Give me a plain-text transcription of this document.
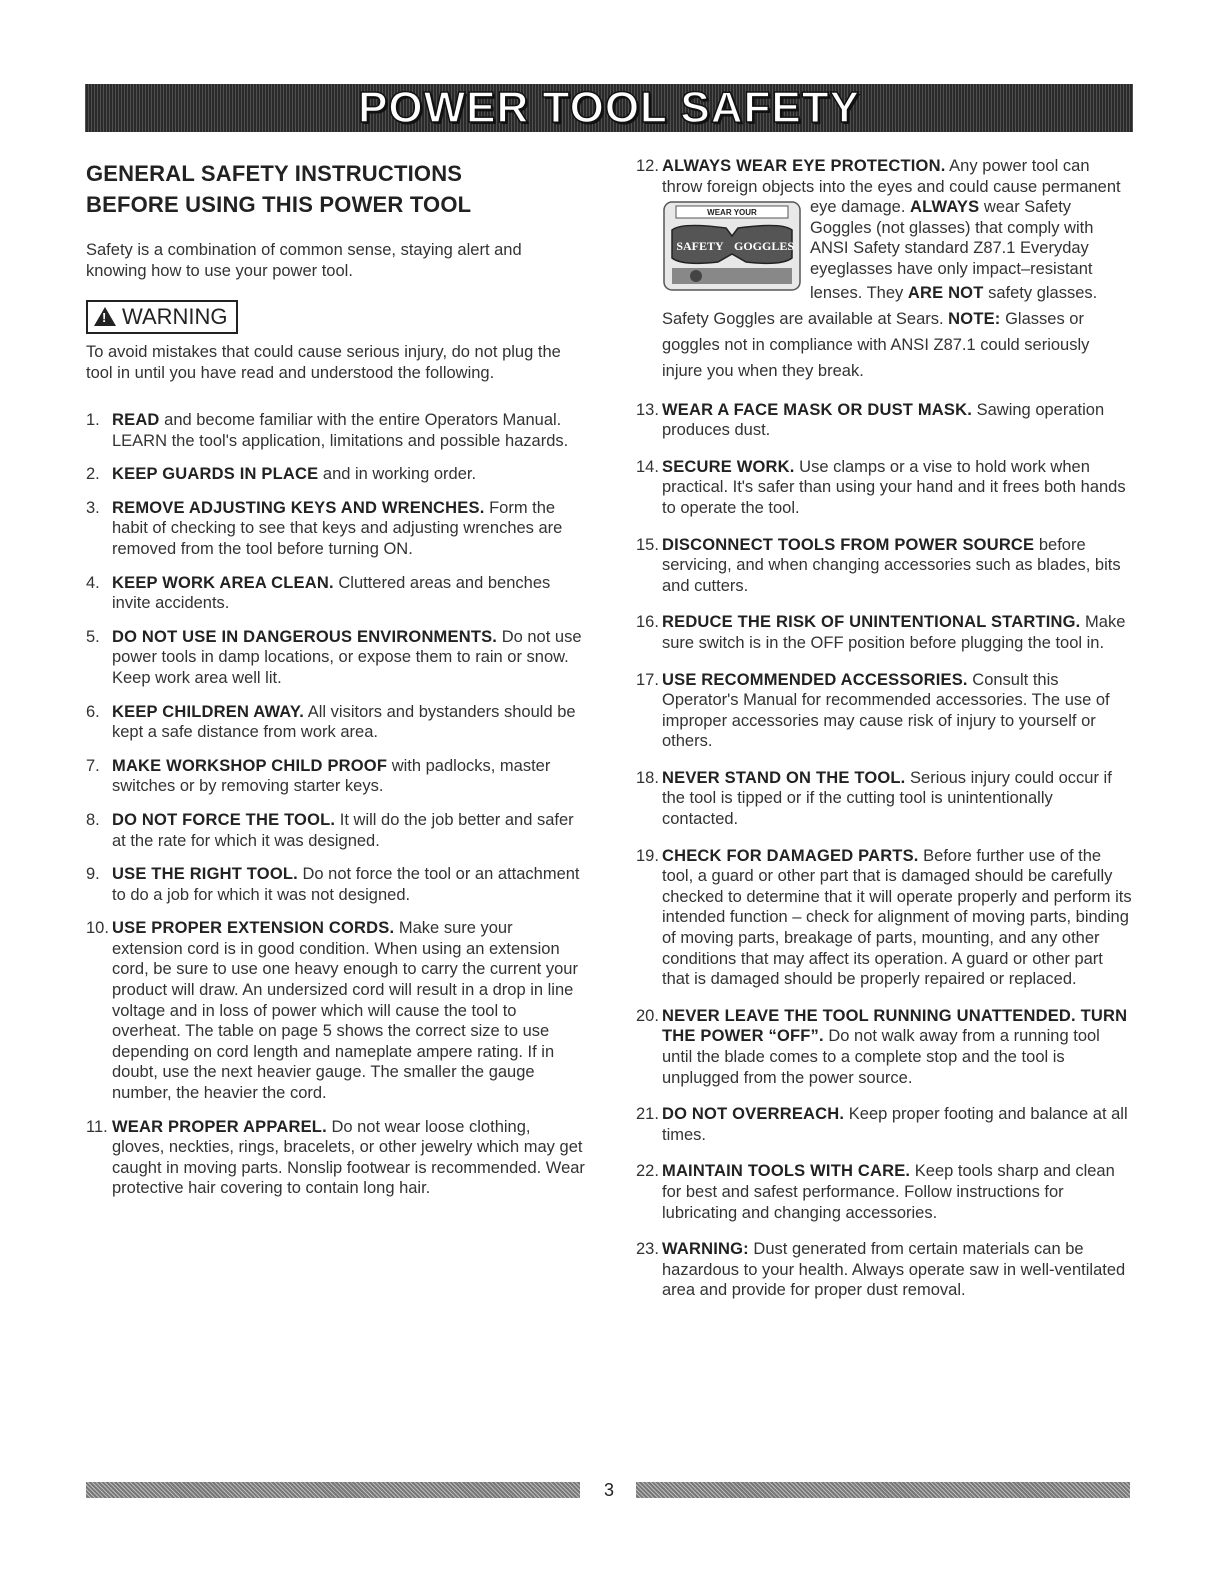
POWER TOOL SAFETY
GENERAL SAFETY INSTRUCTIONS
BEFORE USING THIS POWER TOOL

Safety is a combination of common sense, staying alert and knowing how to use your power tool.

!WARNING

To avoid mistakes that could cause serious injury, do not plug the tool in until you have read and understood the following.

1. READ and become familiar with the entire Operators Manual. LEARN the tool's application, limitations and possible hazards.
2. KEEP GUARDS IN PLACE and in working order.
3. REMOVE ADJUSTING KEYS AND WRENCHES. Form the habit of checking to see that keys and adjusting wrenches are removed from the tool before turning ON.
4. KEEP WORK AREA CLEAN. Cluttered areas and benches invite accidents.
5. DO NOT USE IN DANGEROUS ENVIRONMENTS. Do not use power tools in damp locations, or expose them to rain or snow. Keep work area well lit.
6. KEEP CHILDREN AWAY. All visitors and bystanders should be kept a safe distance from work area.
7. MAKE WORKSHOP CHILD PROOF with padlocks, master switches or by removing starter keys.
8. DO NOT FORCE THE TOOL. It will do the job better and safer at the rate for which it was designed.
9. USE THE RIGHT TOOL. Do not force the tool or an attachment to do a job for which it was not designed.
10. USE PROPER EXTENSION CORDS. Make sure your extension cord is in good condition. When using an extension cord, be sure to use one heavy enough to carry the current your product will draw. An undersized cord will result in a drop in line voltage and in loss of power which will cause the tool to overheat. The table on page 5 shows the correct size to use depending on cord length and nameplate ampere rating. If in doubt, use the next heavier gauge. The smaller the gauge number, the heavier the cord.
11. WEAR PROPER APPAREL. Do not wear loose clothing, gloves, neckties, rings, bracelets, or other jewelry which may get caught in moving parts. Nonslip footwear is recommended. Wear protective hair covering to contain long hair.
12. ALWAYS WEAR EYE PROTECTION. Any power tool can throw foreign objects into the eyes and could cause permanent eye damage.
WEAR YOUR
SAFETY GOGGLES
ALWAYS wear Safety Goggles (not glasses) that comply with ANSI Safety standard Z87.1 Everyday eyeglasses have only impact–resistant lenses. They ARE NOT safety glasses. Safety Goggles are available at Sears. NOTE: Glasses or goggles not in compliance with ANSI Z87.1 could seriously injure you when they break.
13. WEAR A FACE MASK OR DUST MASK. Sawing operation produces dust.
14. SECURE WORK. Use clamps or a vise to hold work when practical. It's safer than using your hand and it frees both hands to operate the tool.
15. DISCONNECT TOOLS FROM POWER SOURCE before servicing, and when changing accessories such as blades, bits and cutters.
16. REDUCE THE RISK OF UNINTENTIONAL STARTING. Make sure switch is in the OFF position before plugging the tool in.
17. USE RECOMMENDED ACCESSORIES. Consult this Operator's Manual for recommended accessories. The use of improper accessories may cause risk of injury to yourself or others.
18. NEVER STAND ON THE TOOL. Serious injury could occur if the tool is tipped or if the cutting tool is unintentionally contacted.
19. CHECK FOR DAMAGED PARTS. Before further use of the tool, a guard or other part that is damaged should be carefully checked to determine that it will operate properly and perform its intended function – check for alignment of moving parts, binding of moving parts, breakage of parts, mounting, and any other conditions that may affect its operation. A guard or other part that is damaged should be properly repaired or replaced.
20. NEVER LEAVE THE TOOL RUNNING UNATTENDED. TURN THE POWER “OFF”. Do not walk away from a running tool until the blade comes to a complete stop and the tool is unplugged from the power source.
21. DO NOT OVERREACH. Keep proper footing and balance at all times.
22. MAINTAIN TOOLS WITH CARE. Keep tools sharp and clean for best and safest performance. Follow instructions for lubricating and changing accessories.
23. WARNING: Dust generated from certain materials can be hazardous to your health. Always operate saw in well-ventilated area and provide for proper dust removal.
3
